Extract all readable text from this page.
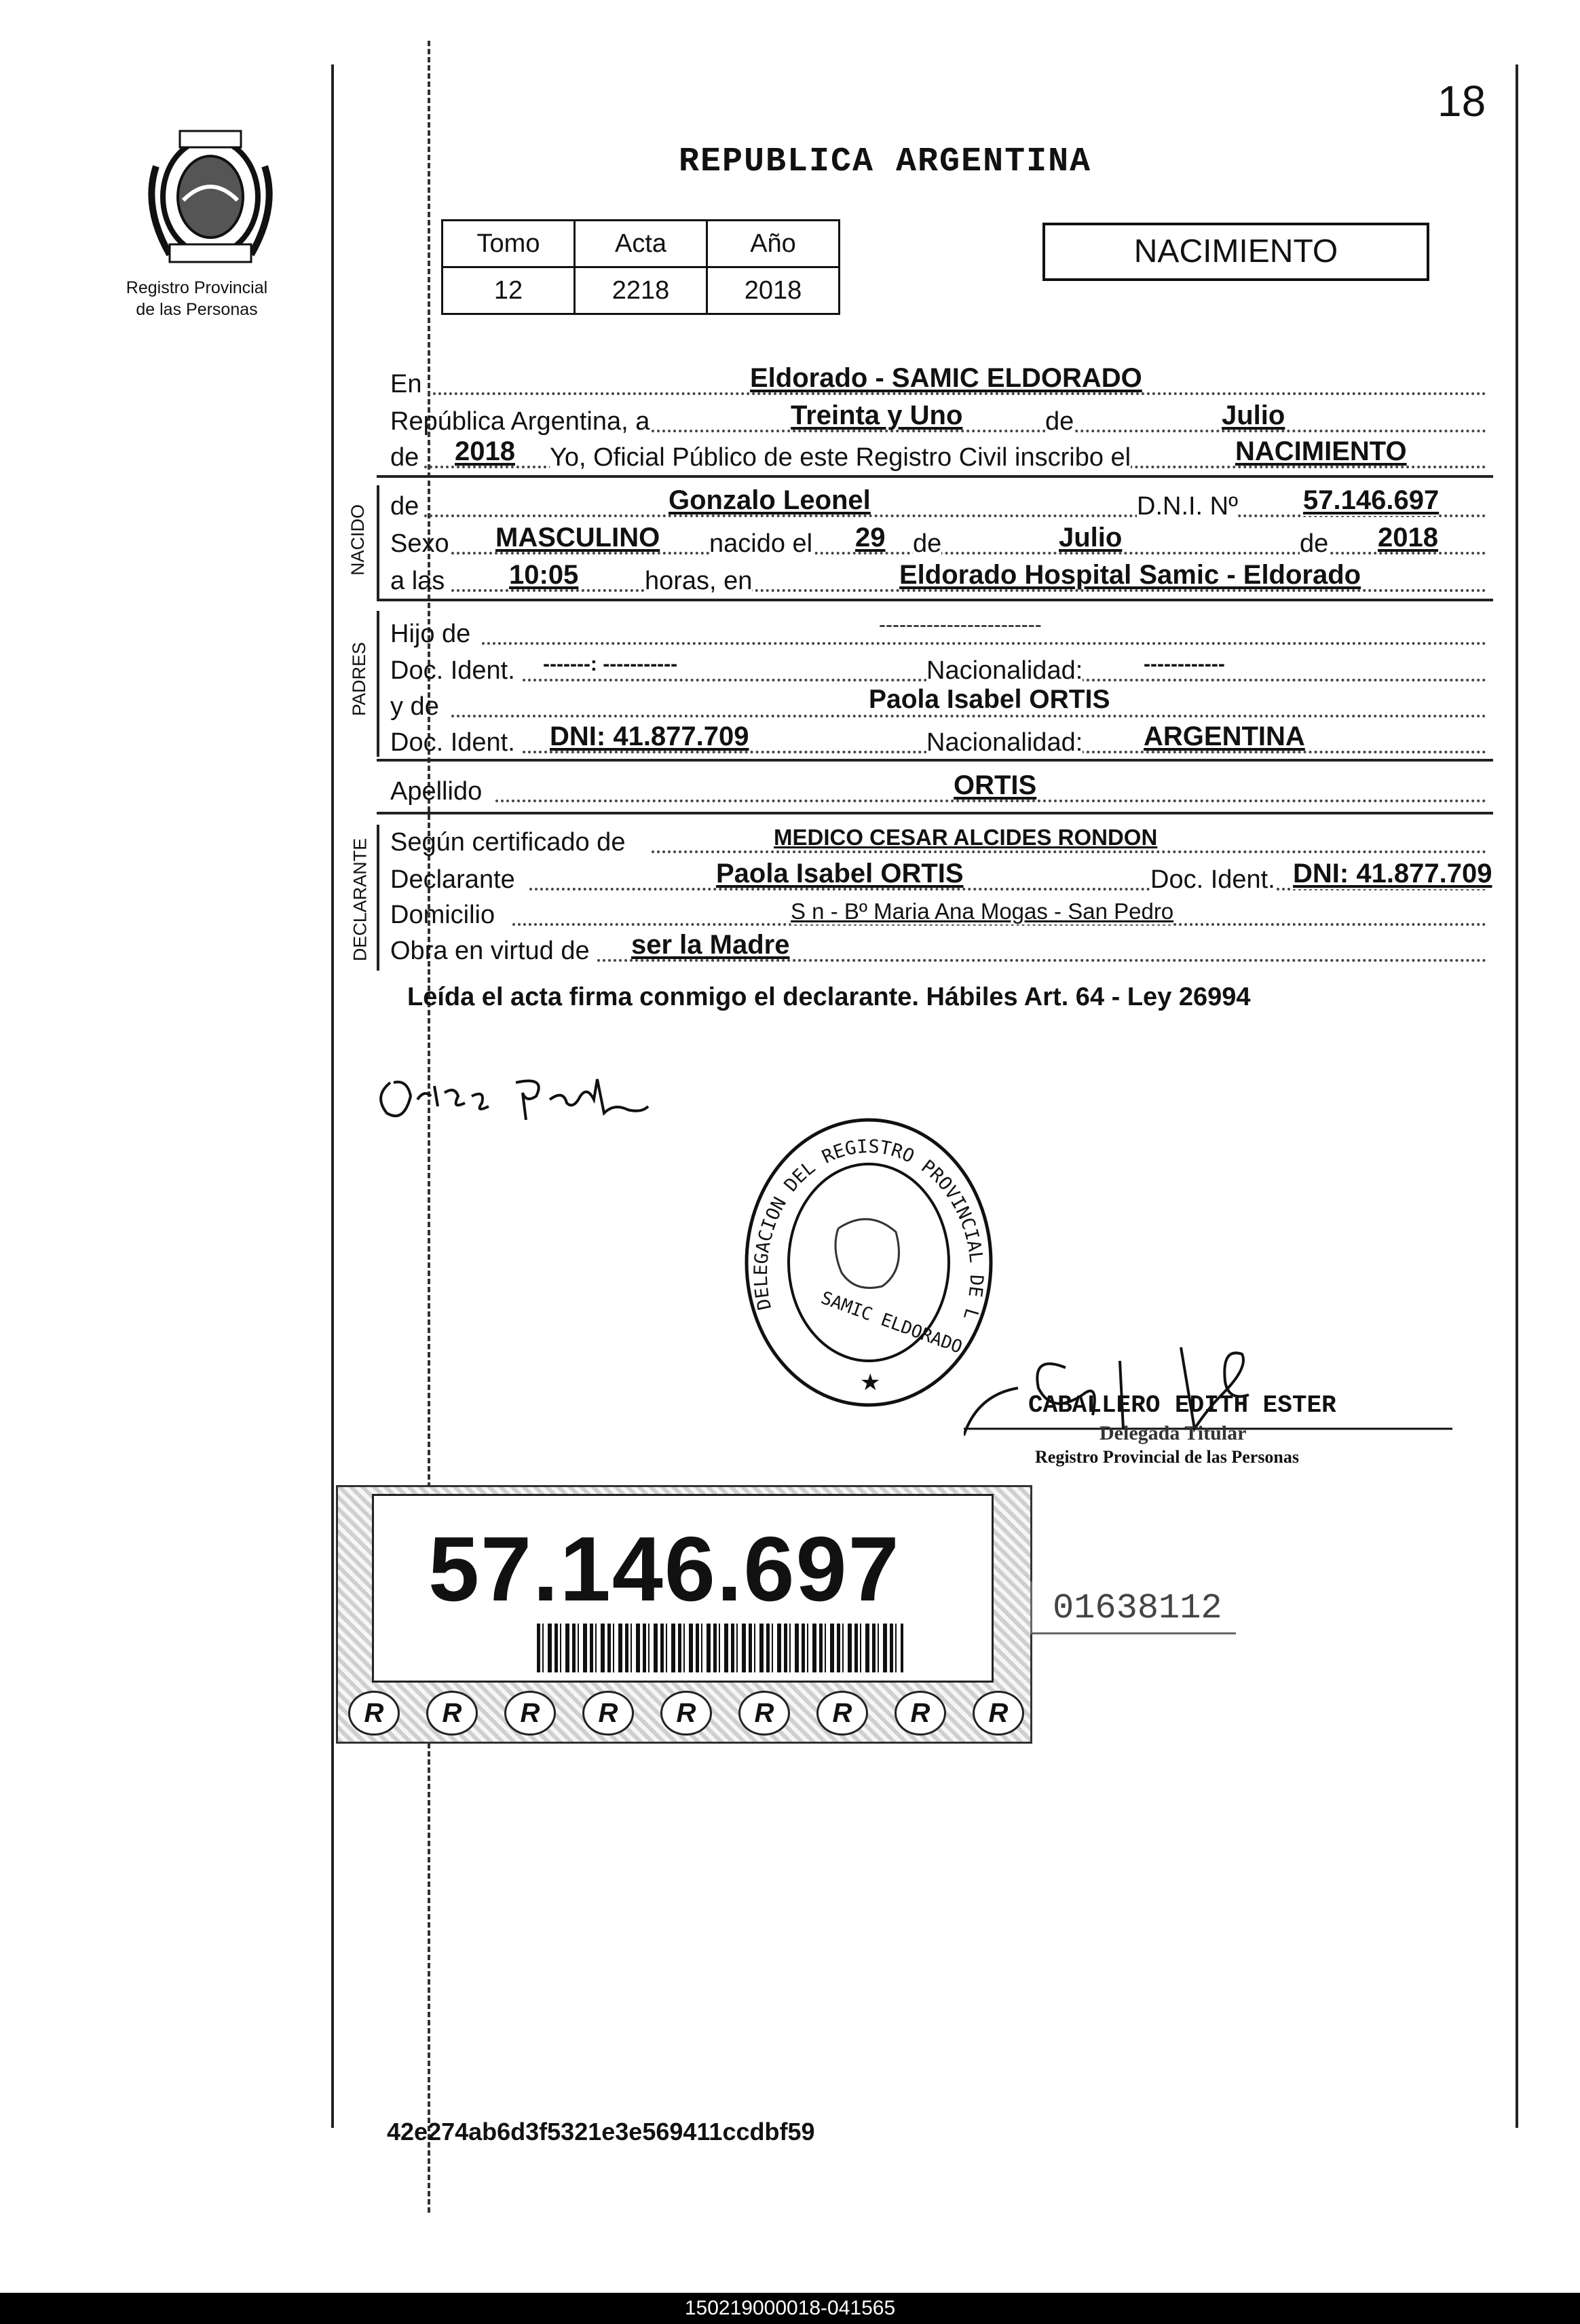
Registro Provincial
de las Personas
18
REPUBLICA ARGENTINA
Tomo	Acta	Año
12	2218	2018
NACIMIENTO
En	Eldorado - SAMIC ELDORADO
República Argentina, a	Treinta y Uno	de	Julio
de 2018 Yo, Oficial Público de este Registro Civil inscribo el	NACIMIENTO
NACIDO de	Gonzalo Leonel	D.N.I. Nº 57.146.697
Sexo MASCULINO nacido el 29 de	Julio	de 2018
a las 10:05	horas, en	Eldorado Hospital Samic - Eldorado
PADRES
Hijo de	------------------------
Doc. Ident. -------: -----------	Nacionalidad:	------------
y de	Paola Isabel ORTIS
Doc. Ident. DNI: 41.877.709	Nacionalidad: ARGENTINA
Apellido	ORTIS
DECLARANTE Según certificado de	MEDICO CESAR ALCIDES RONDON
Declarante	Paola Isabel ORTIS	Doc. Ident. DNI: 41.877.709
Domicilio	S n - Bº Maria Ana Mogas - San Pedro
Obra en virtud de ser la Madre
Leída el acta firma conmigo el declarante. Hábiles Art. 64 - Ley 26994
DELEGACION DEL REGISTRO PROVINCIAL DE L
SAMIC ELDORADO
★
CABALLERO EDITH ESTER
Delegada Titular
Registro Provincial de las Personas
57.146.697
R	R	R	R	R	R	R	R	R
01638112
42e274ab6d3f5321e3e569411ccdbf59
150219000018-041565
